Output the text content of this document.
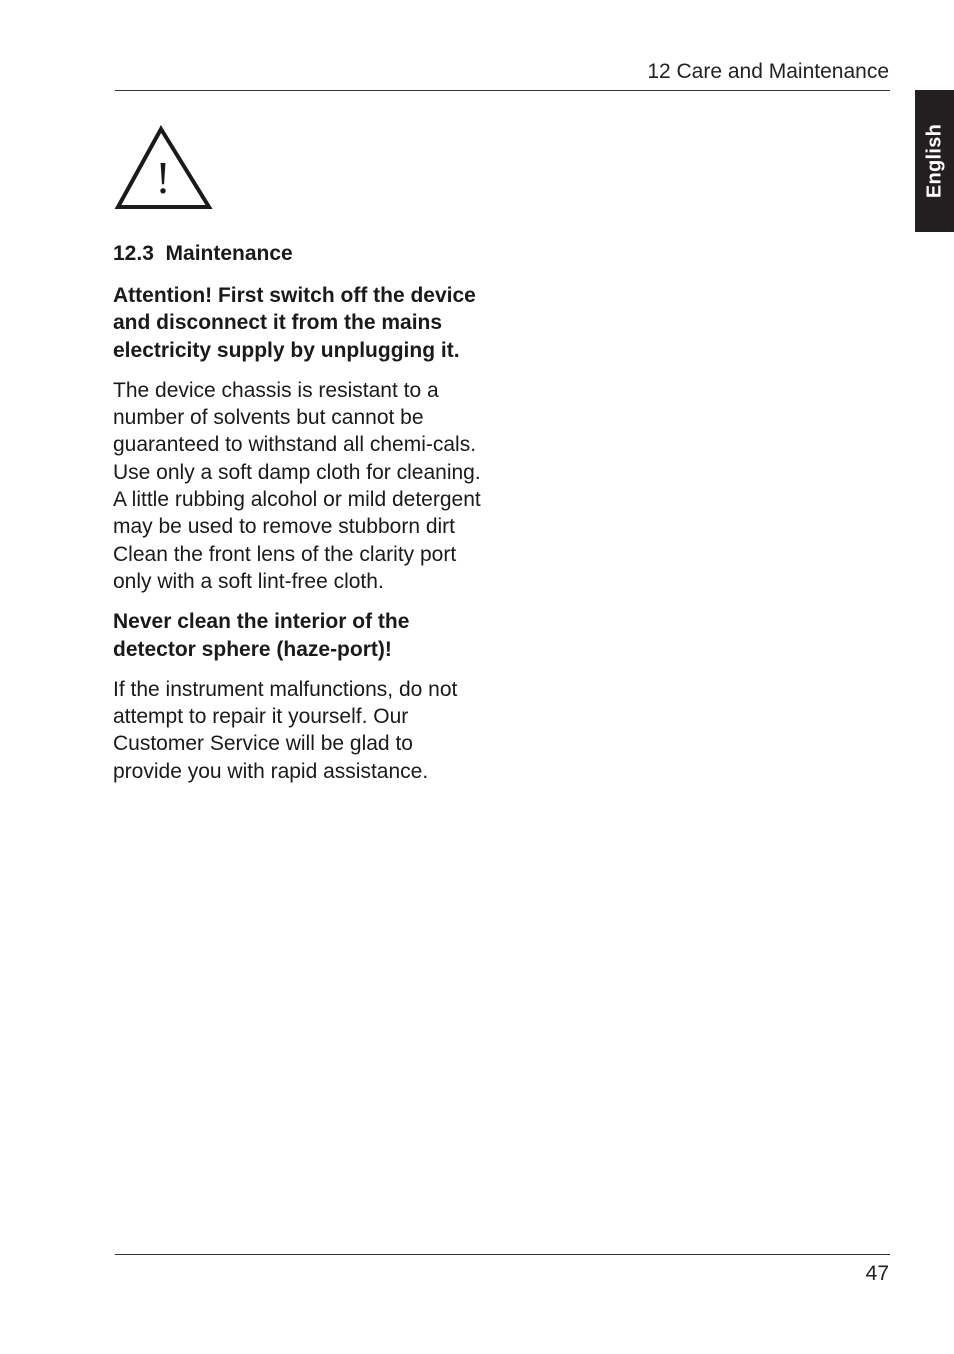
12 Care and Maintenance
English
!
12.3  Maintenance

Attention! First switch off the device and disconnect it from the mains electricity supply by unplugging it.

The device chassis is resistant to a number of solvents but cannot be guaranteed to withstand all chemi-cals. Use only a soft damp cloth for cleaning. A little rubbing alcohol or mild detergent may be used to remove stubborn dirt Clean the front lens of the clarity port only with a soft lint-free cloth.

Never clean the interior of the detector sphere (haze-port)!

If the instrument malfunctions, do not attempt to repair it yourself. Our Customer Service will be glad to provide you with rapid assistance.

47
